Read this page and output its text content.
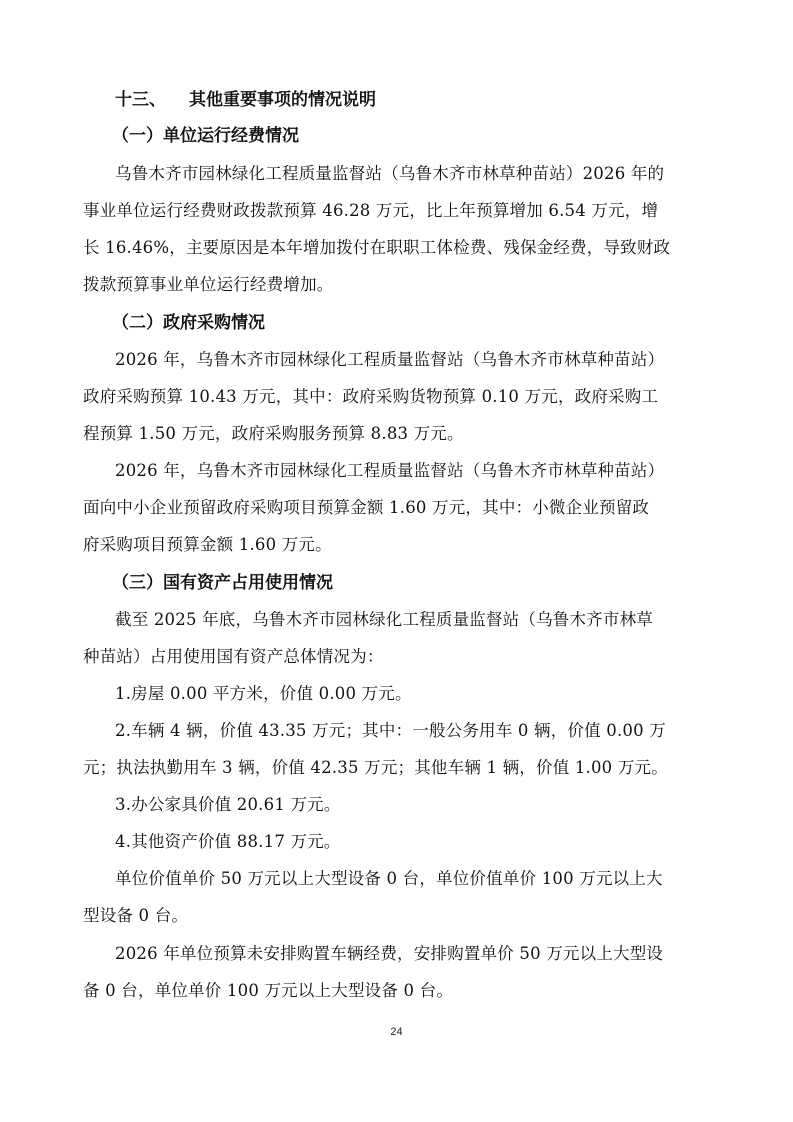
十三、 其他重要事项的情况说明
（一）单位运行经费情况
乌鲁木齐市园林绿化工程质量监督站（乌鲁木齐市林草种苗站）2026 年的
事业单位运行经费财政拨款预算 46.28 万元，比上年预算增加 6.54 万元，增
长 16.46%，主要原因是本年增加拨付在职职工体检费、残保金经费，导致财政
拨款预算事业单位运行经费增加。
（二）政府采购情况
2026 年，乌鲁木齐市园林绿化工程质量监督站（乌鲁木齐市林草种苗站）
政府采购预算 10.43 万元，其中：政府采购货物预算 0.10 万元，政府采购工
程预算 1.50 万元，政府采购服务预算 8.83 万元。
2026 年，乌鲁木齐市园林绿化工程质量监督站（乌鲁木齐市林草种苗站）
面向中小企业预留政府采购项目预算金额 1.60 万元，其中：小微企业预留政
府采购项目预算金额 1.60 万元。
（三）国有资产占用使用情况
截至 2025 年底，乌鲁木齐市园林绿化工程质量监督站（乌鲁木齐市林草
种苗站）占用使用国有资产总体情况为：
1.房屋 0.00 平方米，价值 0.00 万元。
2.车辆 4 辆，价值 43.35 万元；其中：一般公务用车 0 辆，价值 0.00 万
元；执法执勤用车 3 辆，价值 42.35 万元；其他车辆 1 辆，价值 1.00 万元。
3.办公家具价值 20.61 万元。
4.其他资产价值 88.17 万元。
单位价值单价 50 万元以上大型设备 0 台，单位价值单价 100 万元以上大
型设备 0 台。
2026 年单位预算未安排购置车辆经费，安排购置单价 50 万元以上大型设
备 0 台，单位单价 100 万元以上大型设备 0 台。
24
